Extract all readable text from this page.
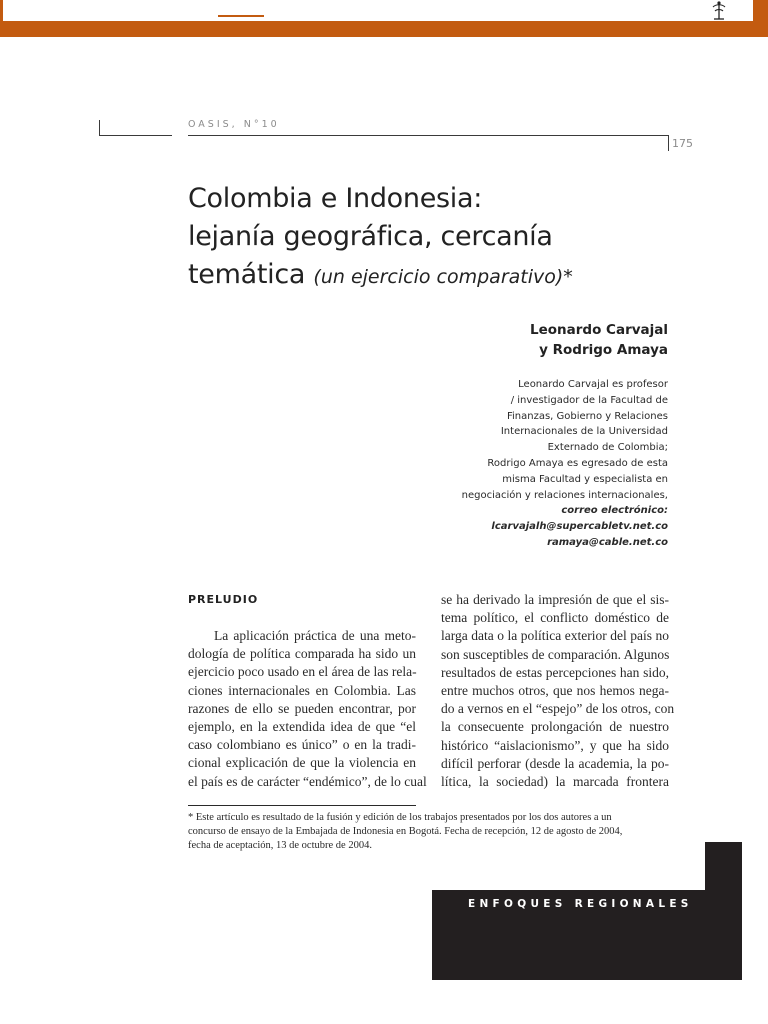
OASIS, N°10
175
Colombia e Indonesia:
lejanía geográfica, cercanía
temática (un ejercicio comparativo)*
Leonardo Carvajal
y Rodrigo Amaya
Leonardo Carvajal es profesor
/ investigador de la Facultad de
Finanzas, Gobierno y Relaciones
Internacionales de la Universidad
Externado de Colombia;
Rodrigo Amaya es egresado de esta
misma Facultad y especialista en
negociación y relaciones internacionales,
correo electrónico:
lcarvajalh@supercabletv.net.co
ramaya@cable.net.co
PRELUDIO
La aplicación práctica de una meto-
dología de política comparada ha sido un
ejercicio poco usado en el área de las rela-
ciones internacionales en Colombia. Las
razones de ello se pueden encontrar, por
ejemplo, en la extendida idea de que “el
caso colombiano es único” o en la tradi-
cional explicación de que la violencia en
el país es de carácter “endémico”, de lo cual
se ha derivado la impresión de que el sis-
tema político, el conflicto doméstico de
larga data o la política exterior del país no
son susceptibles de comparación. Algunos
resultados de estas percepciones han sido,
entre muchos otros, que nos hemos nega-
do a vernos en el “espejo” de los otros, con
la consecuente prolongación de nuestro
histórico “aislacionismo”, y que ha sido
difícil perforar (desde la academia, la po-
lítica, la sociedad) la marcada frontera
* Este artículo es resultado de la fusión y edición de los trabajos presentados por los dos autores a un
concurso de ensayo de la Embajada de Indonesia en Bogotá. Fecha de recepción, 12 de agosto de 2004,
fecha de aceptación, 13 de octubre de 2004.
ENFOQUES REGIONALES
